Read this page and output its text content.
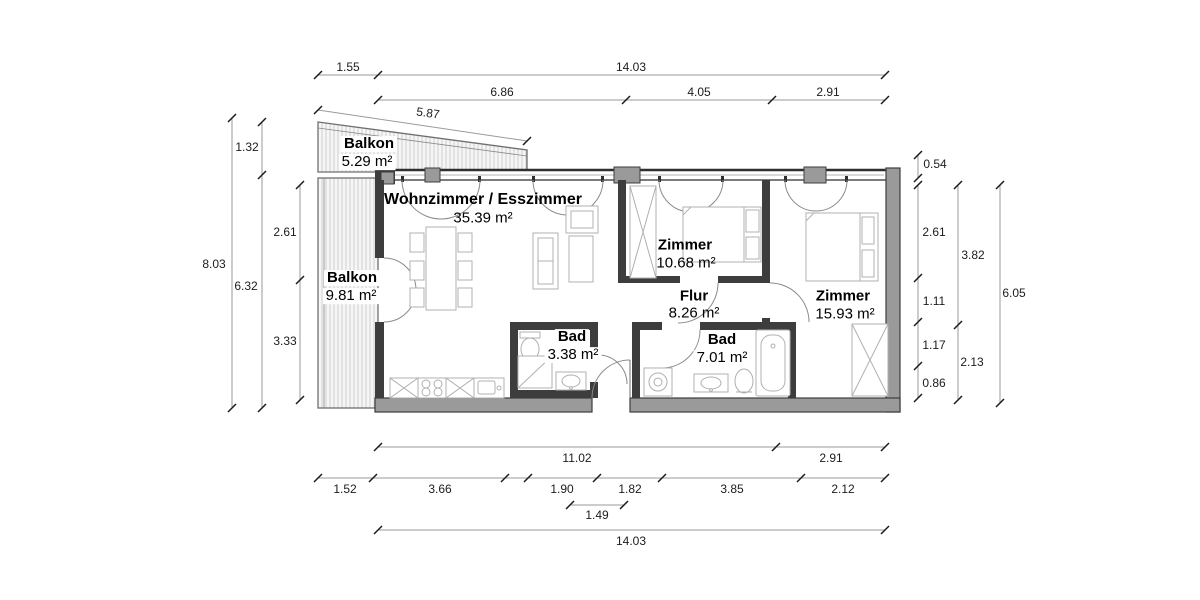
Balkon
5.29 m²
Balkon
9.81 m²
Wohnzimmer / Esszimmer
35.39 m²
Zimmer
10.68 m²
Zimmer
15.93 m²
Flur
8.26 m²
Bad
3.38 m²
Bad
7.01 m²
1.55	14.03
6.86	4.05	2.91
5.87
8.03
1.32
6.32
2.61
3.33
0.54
2.61
1.11
1.17
0.86
3.82
2.13
6.05
11.02	2.91
1.52	3.66	1.90	1.82	3.85	2.12
1.49
14.03
